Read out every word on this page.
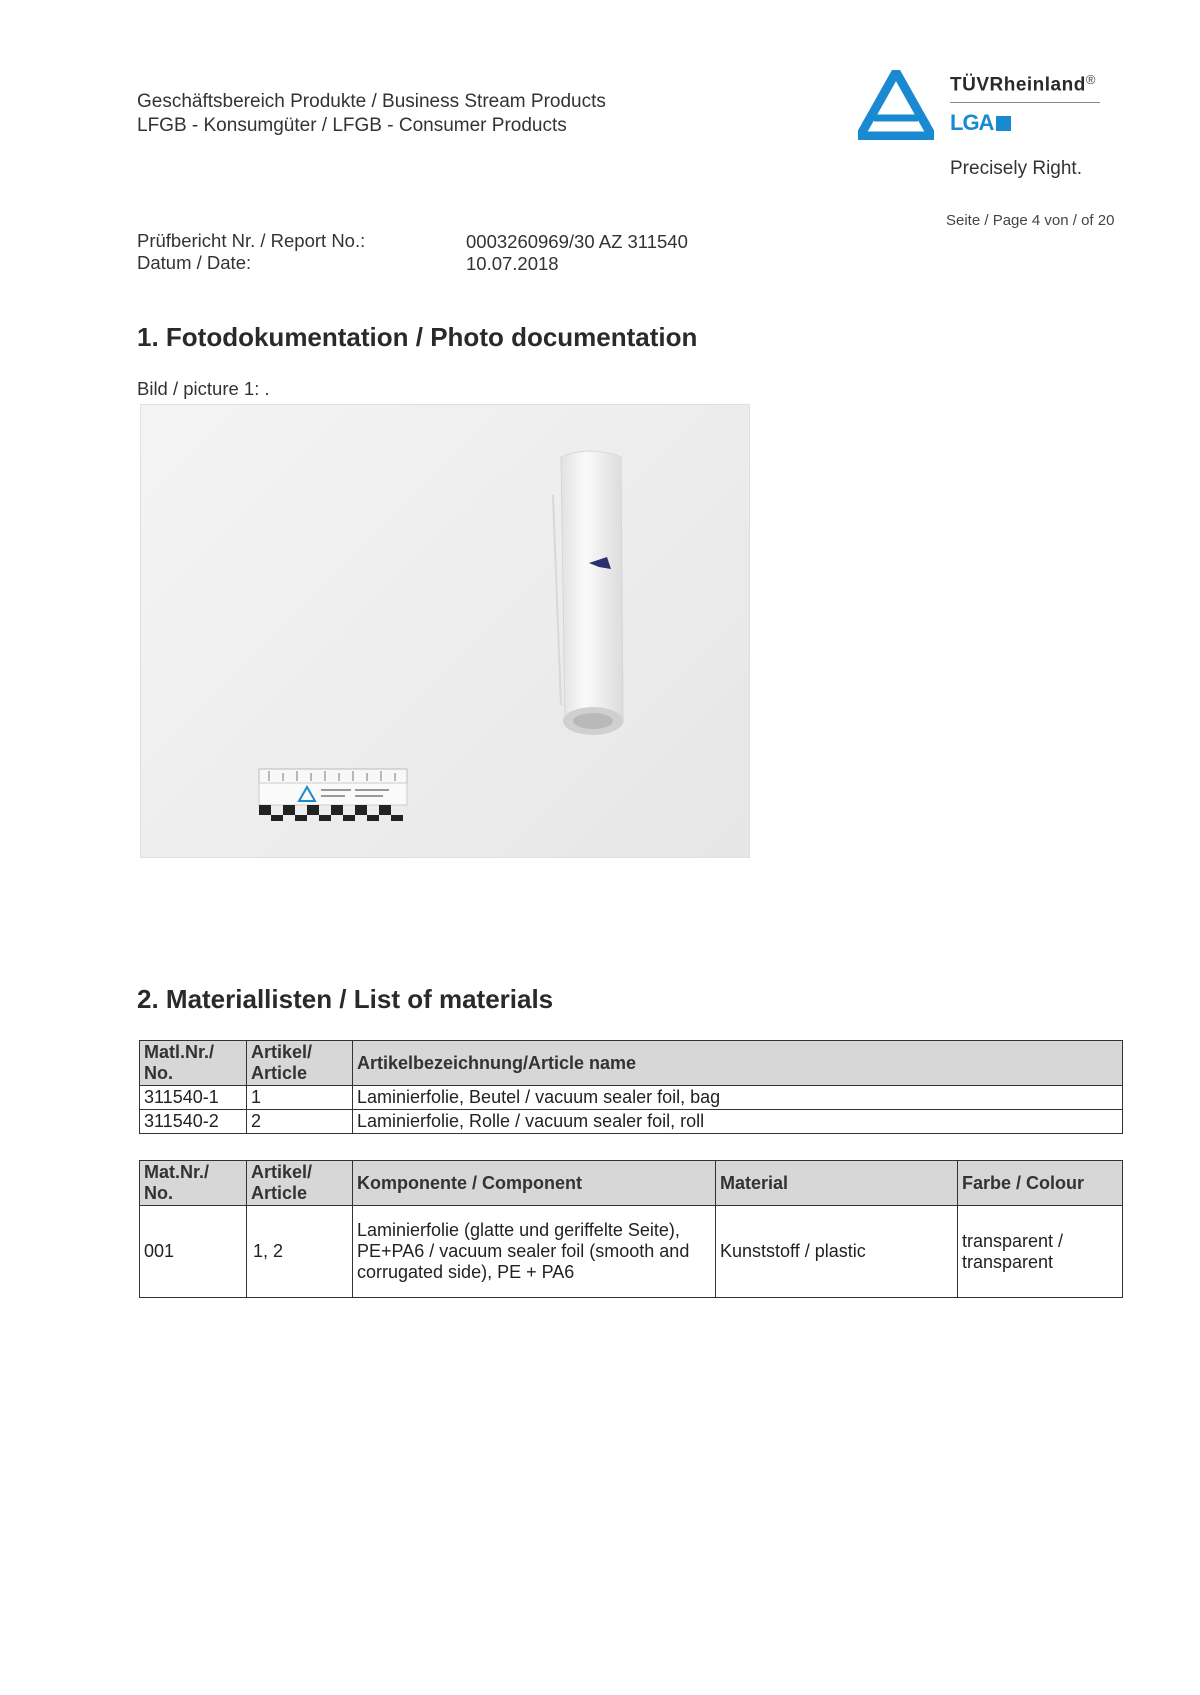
Geschäftsbereich Produkte / Business Stream Products
LFGB - Konsumgüter / LFGB - Consumer Products
TÜVRheinland®
LGA
Precisely Right.
Seite / Page 4 von / of 20
Prüfbericht Nr. / Report No.:	0003260969/30 AZ 311540
Datum / Date:	10.07.2018
1. Fotodokumentation / Photo documentation
Bild / picture 1: .
2. Materiallisten / List of materials
Matl.Nr./ No.	Artikel/ Article	Artikelbezeichnung/Article name
311540-1	1	Laminierfolie, Beutel / vacuum sealer foil, bag
311540-2	2	Laminierfolie, Rolle / vacuum sealer foil, roll
Mat.Nr./ No.	Artikel/ Article	Komponente / Component	Material	Farbe / Colour
001	1, 2	Laminierfolie (glatte und geriffelte Seite), PE+PA6 / vacuum sealer foil (smooth and corrugated side), PE + PA6	Kunststoff / plastic	transparent / transparent
